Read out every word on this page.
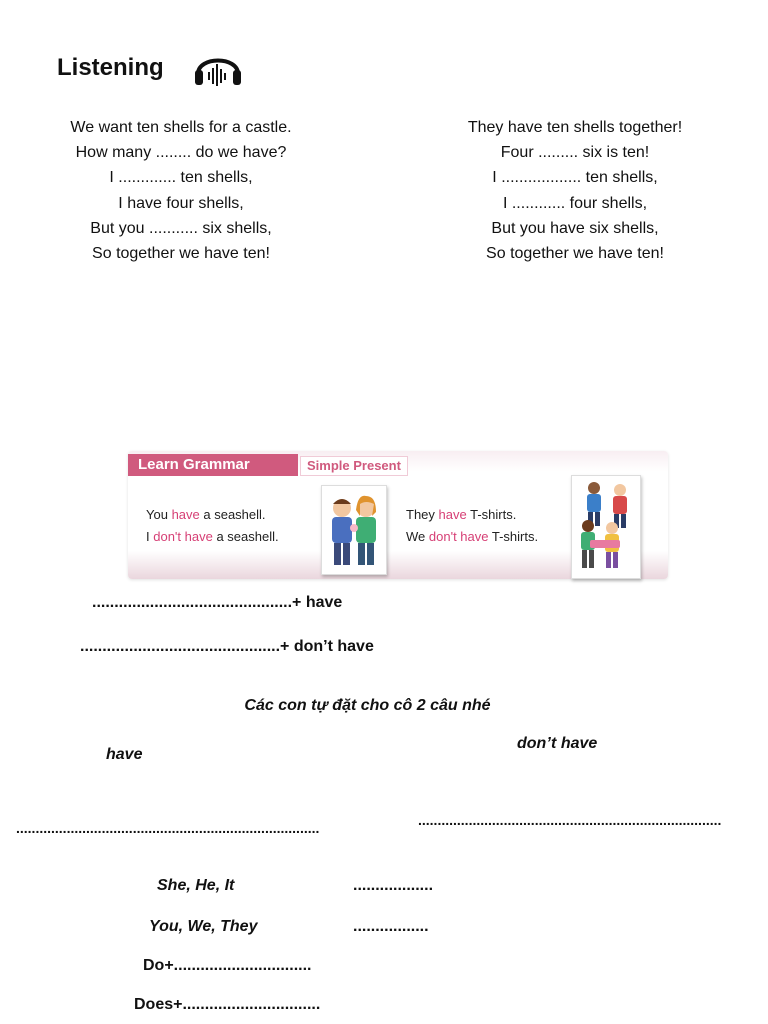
Listening
We want ten shells for a castle.
How many ........ do we have?
I ............. ten shells,
I have four shells,
But you ........... six shells,
So together we have ten!
They have ten shells together!
Four ......... six is ten!
I .................. ten shells,
I ............ four shells,
But you have six shells,
So together we have ten!
Learn Grammar	Simple Present
You have a seashell.
I don't have a seashell.
They have T-shirts.
We don't have T-shirts.
.............................................+ have
.............................................+ don’t have
Các con tự đặt cho cô 2 câu nhé
have
don’t have
..............................................................................	..............................................................................
She, He, It	..................
You, We, They	.................
Do+...............................
Does+...............................
